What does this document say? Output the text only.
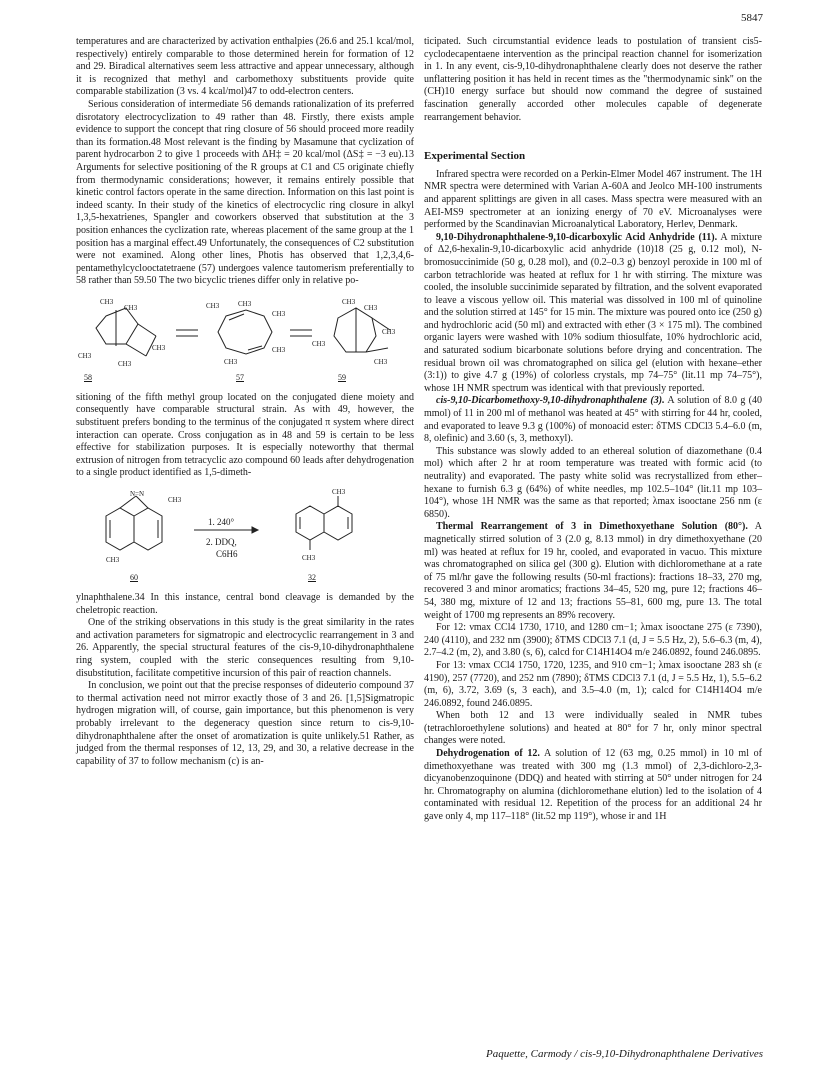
5847

temperatures and are characterized by activation enthalpies (26.6 and 25.1 kcal/mol, respectively) entirely comparable to those determined herein for formation of 12 and 29. Biradical alternatives seem less attractive and appear unnecessary, although it is recognized that methyl and carbomethoxy substituents provide quite comparable stabilization (3 vs. 4 kcal/mol)47 to odd-electron centers.

Serious consideration of intermediate 56 demands rationalization of its preferred disrotatory electrocyclization to 49 rather than 48. Firstly, there exists ample evidence to support the concept that ring closure of 56 should proceed more readily than its formation.48 Most relevant is the finding by Masamune that cyclization of parent hydrocarbon 2 to give 1 proceeds with ΔH‡ = 20 kcal/mol (ΔS‡ = −3 eu).13 Arguments for selective positioning of the R groups at C1 and C5 originate chiefly from thermodynamic considerations; however, it remains entirely possible that kinetic control factors operate in the same direction. Information on this last point is indeed scanty. In their study of the kinetics of electrocyclic ring closure in alkyl 1,3,5-hexatrienes, Spangler and coworkers observed that substitution at the 3 position enhances the cyclization rate, whereas placement of the same group at the 1 position has a marginal effect.49 Unfortunately, the consequences of C2 substitution were not examined. Along other lines, Photis has observed that 1,2,3,4,6-pentamethylcyclooctatetraene (57) undergoes valence tautomerism preferentially to 58 rather than 59.50 The two bicyclic trienes differ only in relative po-

CH3
CH3
CH3
CH3
CH3
CH3	CH3
CH3
CH3
CH3
CH3
CH3
CH3
CH3
CH3
58	57	59

sitioning of the fifth methyl group located on the conjugated diene moiety and consequently have comparable structural strain. As with 49, however, the substituent prefers bonding to the terminus of the conjugated π system where direct interaction can operate. Cross conjugation as in 48 and 59 is certain to be less effective for stabilization purposes. It is especially noteworthy that thermal extrusion of nitrogen from tetracyclic azo compound 60 leads after dehydrogenation to a single product identified as 1,5-dimeth-

N=N
CH3
CH3
1. 240°
2. DDQ,
C6H6
CH3
CH3
60	32

ylnaphthalene.34 In this instance, central bond cleavage is demanded by the cheletropic reaction.

One of the striking observations in this study is the great similarity in the rates and activation parameters for sigmatropic and electrocyclic rearrangement in 3 and 26. Apparently, the special structural features of the cis-9,10-dihydronaphthalene ring system, coupled with the steric consequences resulting from 9,10-disubstitution, facilitate competitive incursion of this pair of reaction channels.

In conclusion, we point out that the precise responses of dideuterio compound 37 to thermal activation need not mirror exactly those of 3 and 26. [1,5]Sigmatropic hydrogen migration will, of course, gain importance, but this phenomenon is very probably irrelevant to the degeneracy question since return to cis-9,10-dihydronaphthalene after the onset of aromatization is quite unlikely.51 Rather, as judged from the thermal responses of 12, 13, 29, and 30, a relative decrease in the capability of 37 to follow mechanism (c) is an-

ticipated. Such circumstantial evidence leads to postulation of transient cis5-cyclodecapentaene intervention as the principal reaction channel for isomerization in 1. In any event, cis-9,10-dihydronaphthalene clearly does not deserve the rather unflattering position it has held in recent times as the "thermodynamic sink" on the (CH)10 energy surface but should now command the degree of sustained fascination generally accorded other molecules capable of degenerate rearrangement behavior.

Experimental Section

Infrared spectra were recorded on a Perkin-Elmer Model 467 instrument. The 1H NMR spectra were determined with Varian A-60A and Jeolco MH-100 instruments and apparent splittings are given in all cases. Mass spectra were measured with an AEI-MS9 spectrometer at an ionizing energy of 70 eV. Microanalyses were performed by the Scandinavian Microanalytical Laboratory, Herlev, Denmark.

9,10-Dihydronaphthalene-9,10-dicarboxylic Acid Anhydride (11). A mixture of Δ2,6-hexalin-9,10-dicarboxylic acid anhydride (10)18 (25 g, 0.12 mol), N-bromosuccinimide (50 g, 0.28 mol), and (0.2–0.3 g) benzoyl peroxide in 100 ml of carbon tetrachloride was heated at reflux for 1 hr with stirring. The mixture was cooled, the insoluble succinimide separated by filtration, and the solvent evaporated to leave a viscous yellow oil. This material was dissolved in 100 ml of quinoline and the solution stirred at 145° for 15 min. The mixture was poured onto ice (250 g) and hydrochloric acid (50 ml) and extracted with ether (3 × 175 ml). The combined organic layers were washed with 10% sodium thiosulfate, 10% hydrochloric acid, and saturated sodium bicarbonate solutions before drying and concentration. The residual brown oil was chromatographed on silica gel (elution with hexane–ether (3:1)) to give 4.7 g (19%) of colorless crystals, mp 74–75° (lit.11 mp 74–75°), whose 1H NMR spectrum was identical with that previously reported.

cis-9,10-Dicarbomethoxy-9,10-dihydronaphthalene (3). A solution of 8.0 g (40 mmol) of 11 in 200 ml of methanol was heated at 45° with stirring for 44 hr, cooled, and evaporated to leave 9.3 g (100%) of monoacid ester: δTMS CDCl3 5.4–6.0 (m, 8, olefinic) and 3.60 (s, 3, methoxyl).

This substance was slowly added to an ethereal solution of diazomethane (0.4 mol) which after 2 hr at room temperature was treated with formic acid (to neutrality) and evaporated. The pasty white solid was recrystallized from ether–hexane to furnish 6.3 g (64%) of white needles, mp 102.5–104° (lit.11 mp 103–104°), whose 1H NMR was the same as that reported; λmax isooctane 256 nm (ε 6850).

Thermal Rearrangement of 3 in Dimethoxyethane Solution (80°). A magnetically stirred solution of 3 (2.0 g, 8.13 mmol) in dry dimethoxyethane (20 ml) was heated at reflux for 19 hr, cooled, and evaporated in vacuo. This mixture was chromatographed on silica gel (300 g). Elution with dichloromethane at a rate of 75 ml/hr gave the following results (50-ml fractions): fractions 18–33, 270 mg, recovered 3 and minor aromatics; fractions 34–45, 520 mg, pure 12; fractions 46–54, 380 mg, mixture of 12 and 13; fractions 55–81, 600 mg, pure 13. The total weight of 1700 mg represents an 89% recovery.

For 12: νmax CCl4 1730, 1710, and 1280 cm−1; λmax isooctane 275 (ε 7390), 240 (4110), and 232 nm (3900); δTMS CDCl3 7.1 (d, J = 5.5 Hz, 2), 5.6–6.3 (m, 4), 2.7–4.2 (m, 2), and 3.80 (s, 6), calcd for C14H14O4 m/e 246.0892, found 246.0895.

For 13: νmax CCl4 1750, 1720, 1235, and 910 cm−1; λmax isooctane 283 sh (ε 4190), 257 (7720), and 252 nm (7890); δTMS CDCl3 7.1 (d, J = 5.5 Hz, 1), 5.5–6.2 (m, 6), 3.72, 3.69 (s, 3 each), and 3.5–4.0 (m, 1); calcd for C14H14O4 m/e 246.0892, found 246.0895.

When both 12 and 13 were individually sealed in NMR tubes (tetrachloroethylene solutions) and heated at 80° for 7 hr, only minor spectral changes were noted.

Dehydrogenation of 12. A solution of 12 (63 mg, 0.25 mmol) in 10 ml of dimethoxyethane was treated with 300 mg (1.3 mmol) of 2,3-dichloro-2,3-dicyanobenzoquinone (DDQ) and heated with stirring at 50° under nitrogen for 24 hr. Chromatography on alumina (dichloromethane elution) led to the isolation of 4 contaminated with residual 12. Repetition of the process for an additional 24 hr gave only 4, mp 117–118° (lit.52 mp 119°), whose ir and 1H

Paquette, Carmody / cis-9,10-Dihydronaphthalene Derivatives
